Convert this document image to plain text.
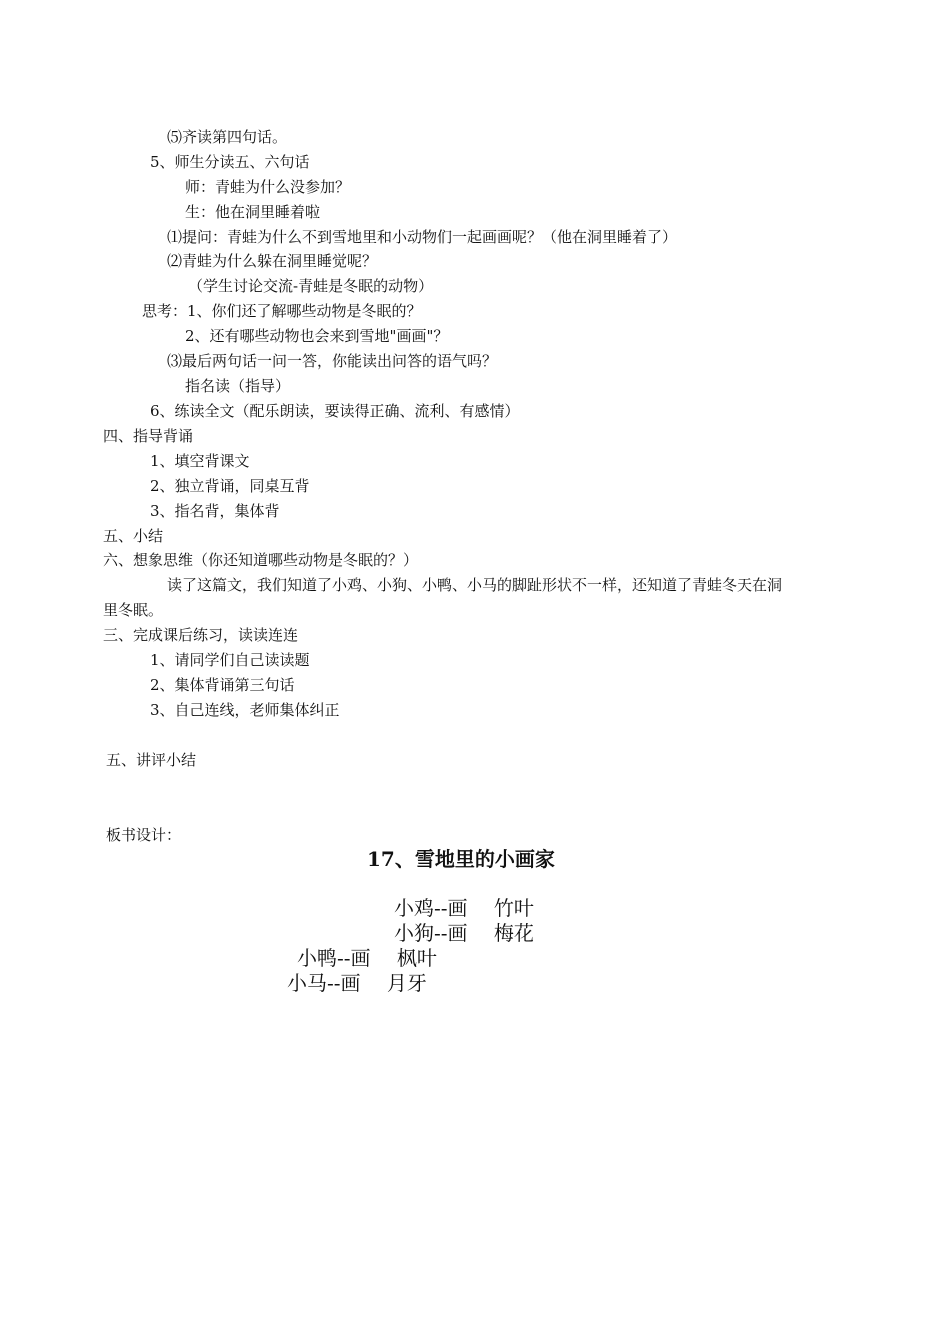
⑸齐读第四句话。
5、师生分读五、六句话
师：青蛙为什么没参加？
生：他在洞里睡着啦
⑴提问：青蛙为什么不到雪地里和小动物们一起画画呢？（他在洞里睡着了）
⑵青蛙为什么躲在洞里睡觉呢？
（学生讨论交流-青蛙是冬眠的动物）
思考：1、你们还了解哪些动物是冬眠的？
2、还有哪些动物也会来到雪地"画画"？
⑶最后两句话一问一答，你能读出问答的语气吗？
指名读（指导）
6、练读全文（配乐朗读，要读得正确、流利、有感情）
四、指导背诵
1、填空背课文
2、独立背诵，同桌互背
3、指名背，集体背
五、小结
六、想象思维（你还知道哪些动物是冬眠的？）
读了这篇文，我们知道了小鸡、小狗、小鸭、小马的脚趾形状不一样，还知道了青蛙冬天在洞
里冬眠。
三、完成课后练习，读读连连
1、请同学们自己读读题
2、集体背诵第三句话
3、自己连线，老师集体纠正
五、讲评小结
板书设计：
17、雪地里的小画家
小鸡--画　 竹叶
小狗--画　 梅花
小鸭--画　 枫叶
小马--画　 月牙
